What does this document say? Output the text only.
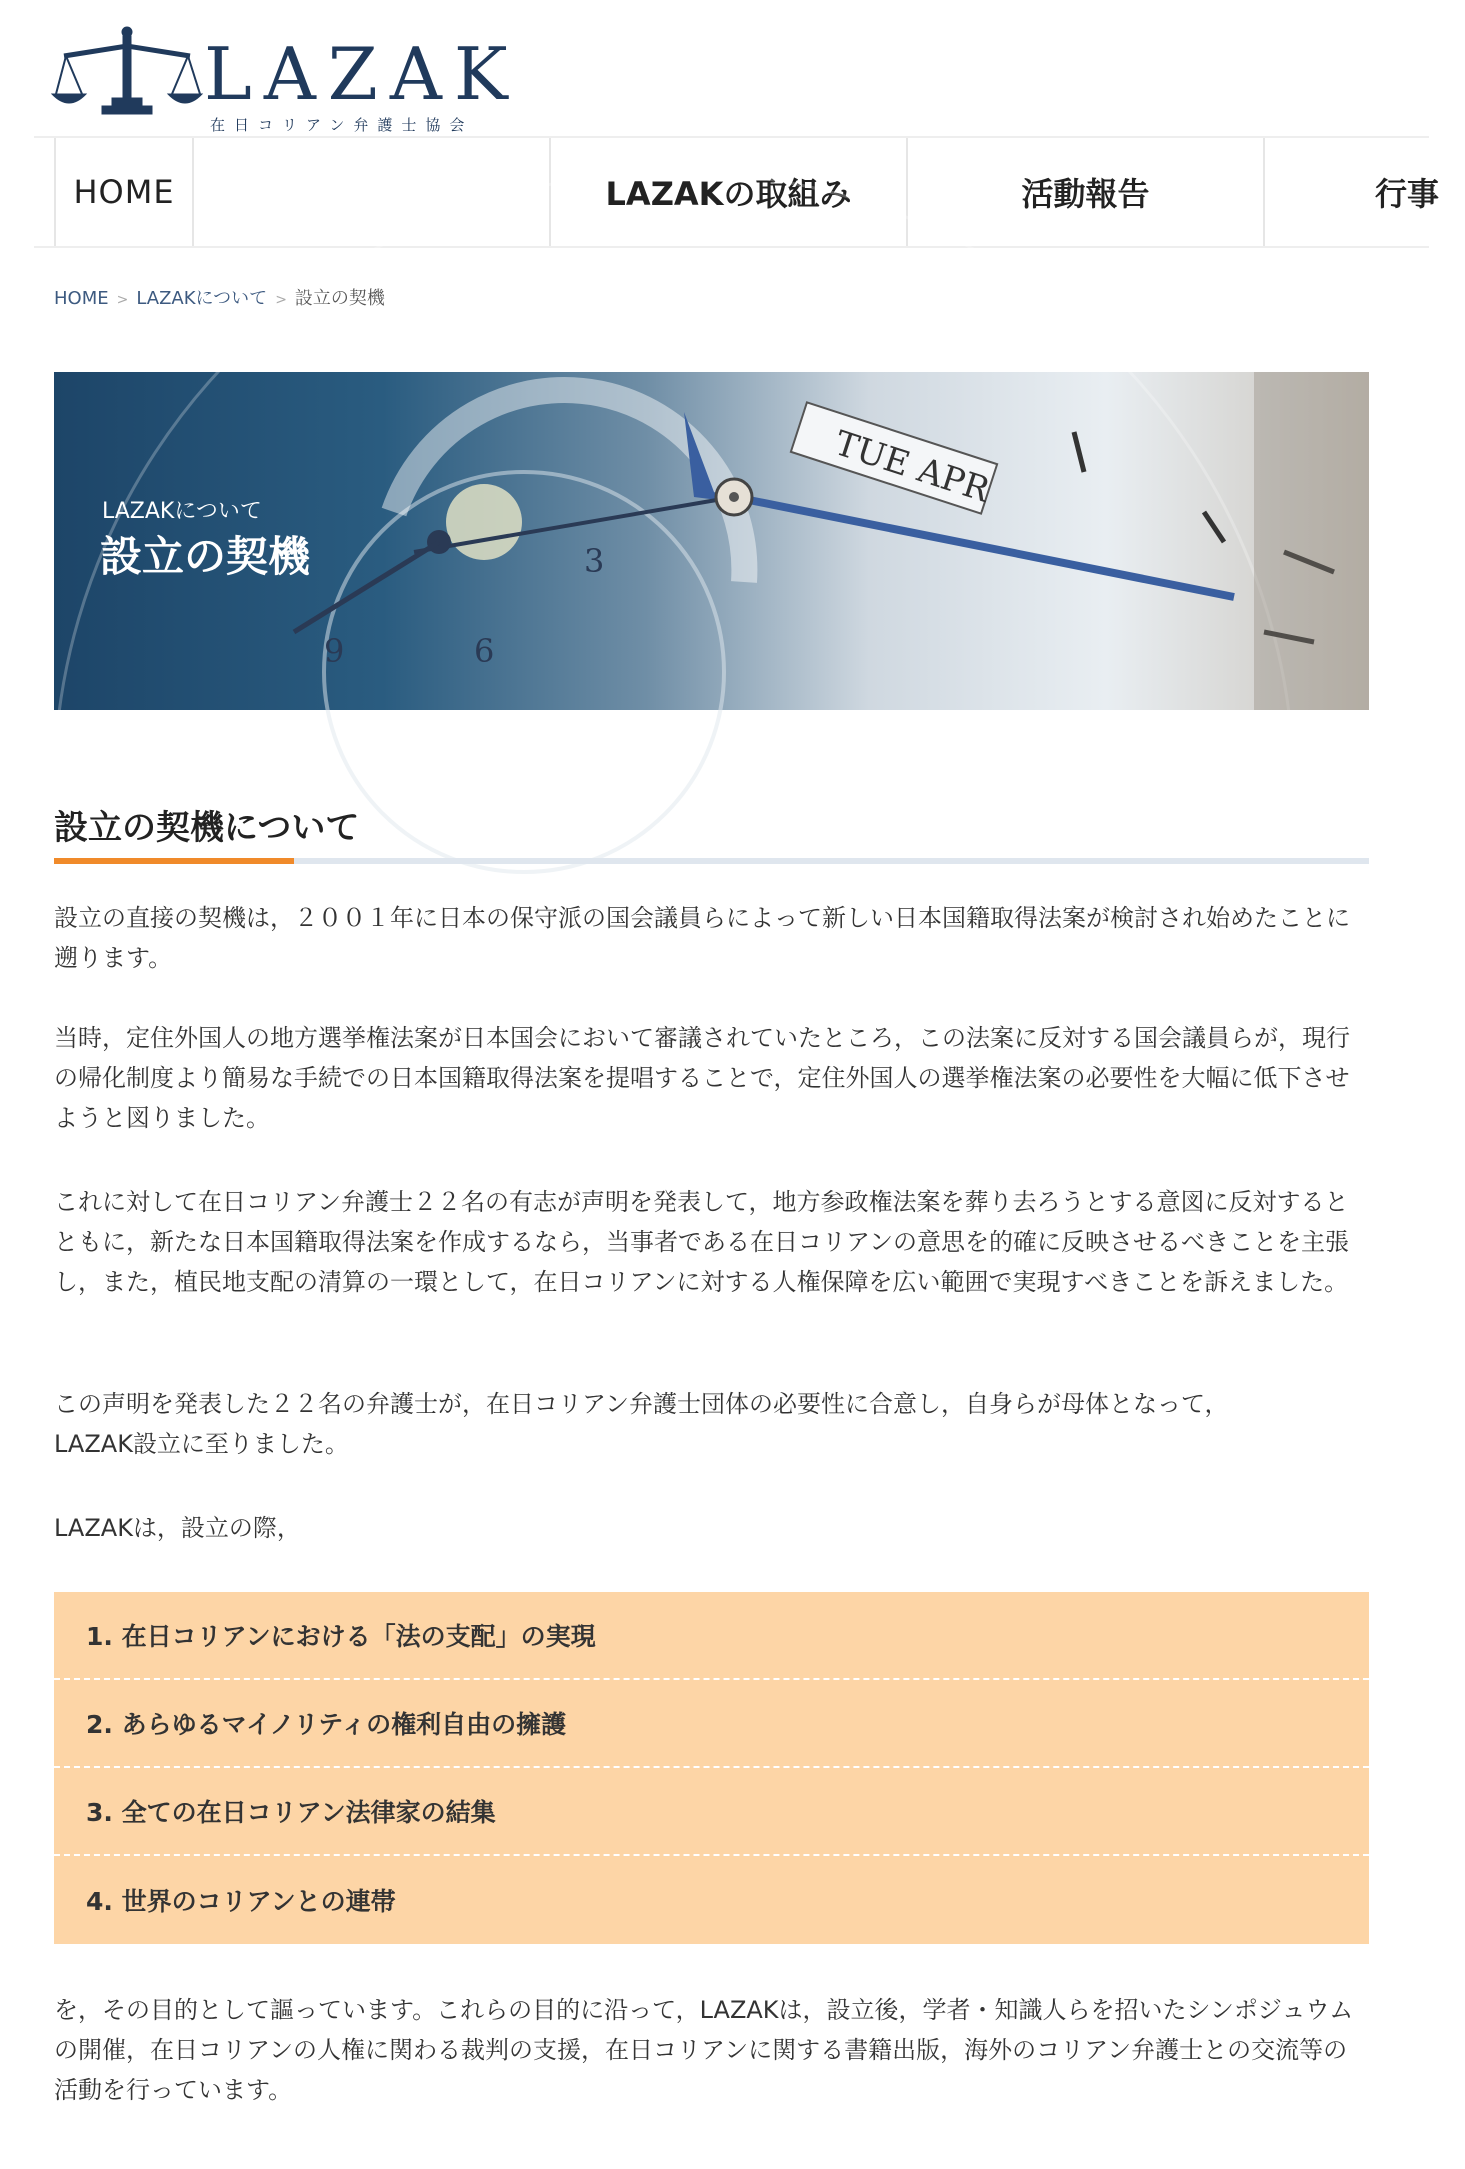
LAZAK
在日コリアン弁護士協会
HOME	LAZAKの取組み	活動報告	行事
HOME > LAZAKについて > 設立の契機
TUE APR
3
6
9
LAZAKについて
設立の契機
設立の契機について

設立の直接の契機は，２００１年に日本の保守派の国会議員らによって新しい日本国籍取得法案が検討され始めたことに遡ります。

当時，定住外国人の地方選挙権法案が日本国会において審議されていたところ，この法案に反対する国会議員らが，現行の帰化制度より簡易な手続での日本国籍取得法案を提唱することで，定住外国人の選挙権法案の必要性を大幅に低下させようと図りました。

これに対して在日コリアン弁護士２２名の有志が声明を発表して，地方参政権法案を葬り去ろうとする意図に反対するとともに，新たな日本国籍取得法案を作成するなら，当事者である在日コリアンの意思を的確に反映させるべきことを主張し，また，植民地支配の清算の一環として，在日コリアンに対する人権保障を広い範囲で実現すべきことを訴えました。

この声明を発表した２２名の弁護士が，在日コリアン弁護士団体の必要性に合意し，自身らが母体となって，LAZAK設立に至りました。

LAZAKは，設立の際，

1. 在日コリアンにおける「法の支配」の実現
2. あらゆるマイノリティの権利自由の擁護
3. 全ての在日コリアン法律家の結集
4. 世界のコリアンとの連帯

を，その目的として謳っています。これらの目的に沿って，LAZAKは，設立後，学者・知識人らを招いたシンポジュウムの開催，在日コリアンの人権に関わる裁判の支援，在日コリアンに関する書籍出版，海外のコリアン弁護士との交流等の活動を行っています。
